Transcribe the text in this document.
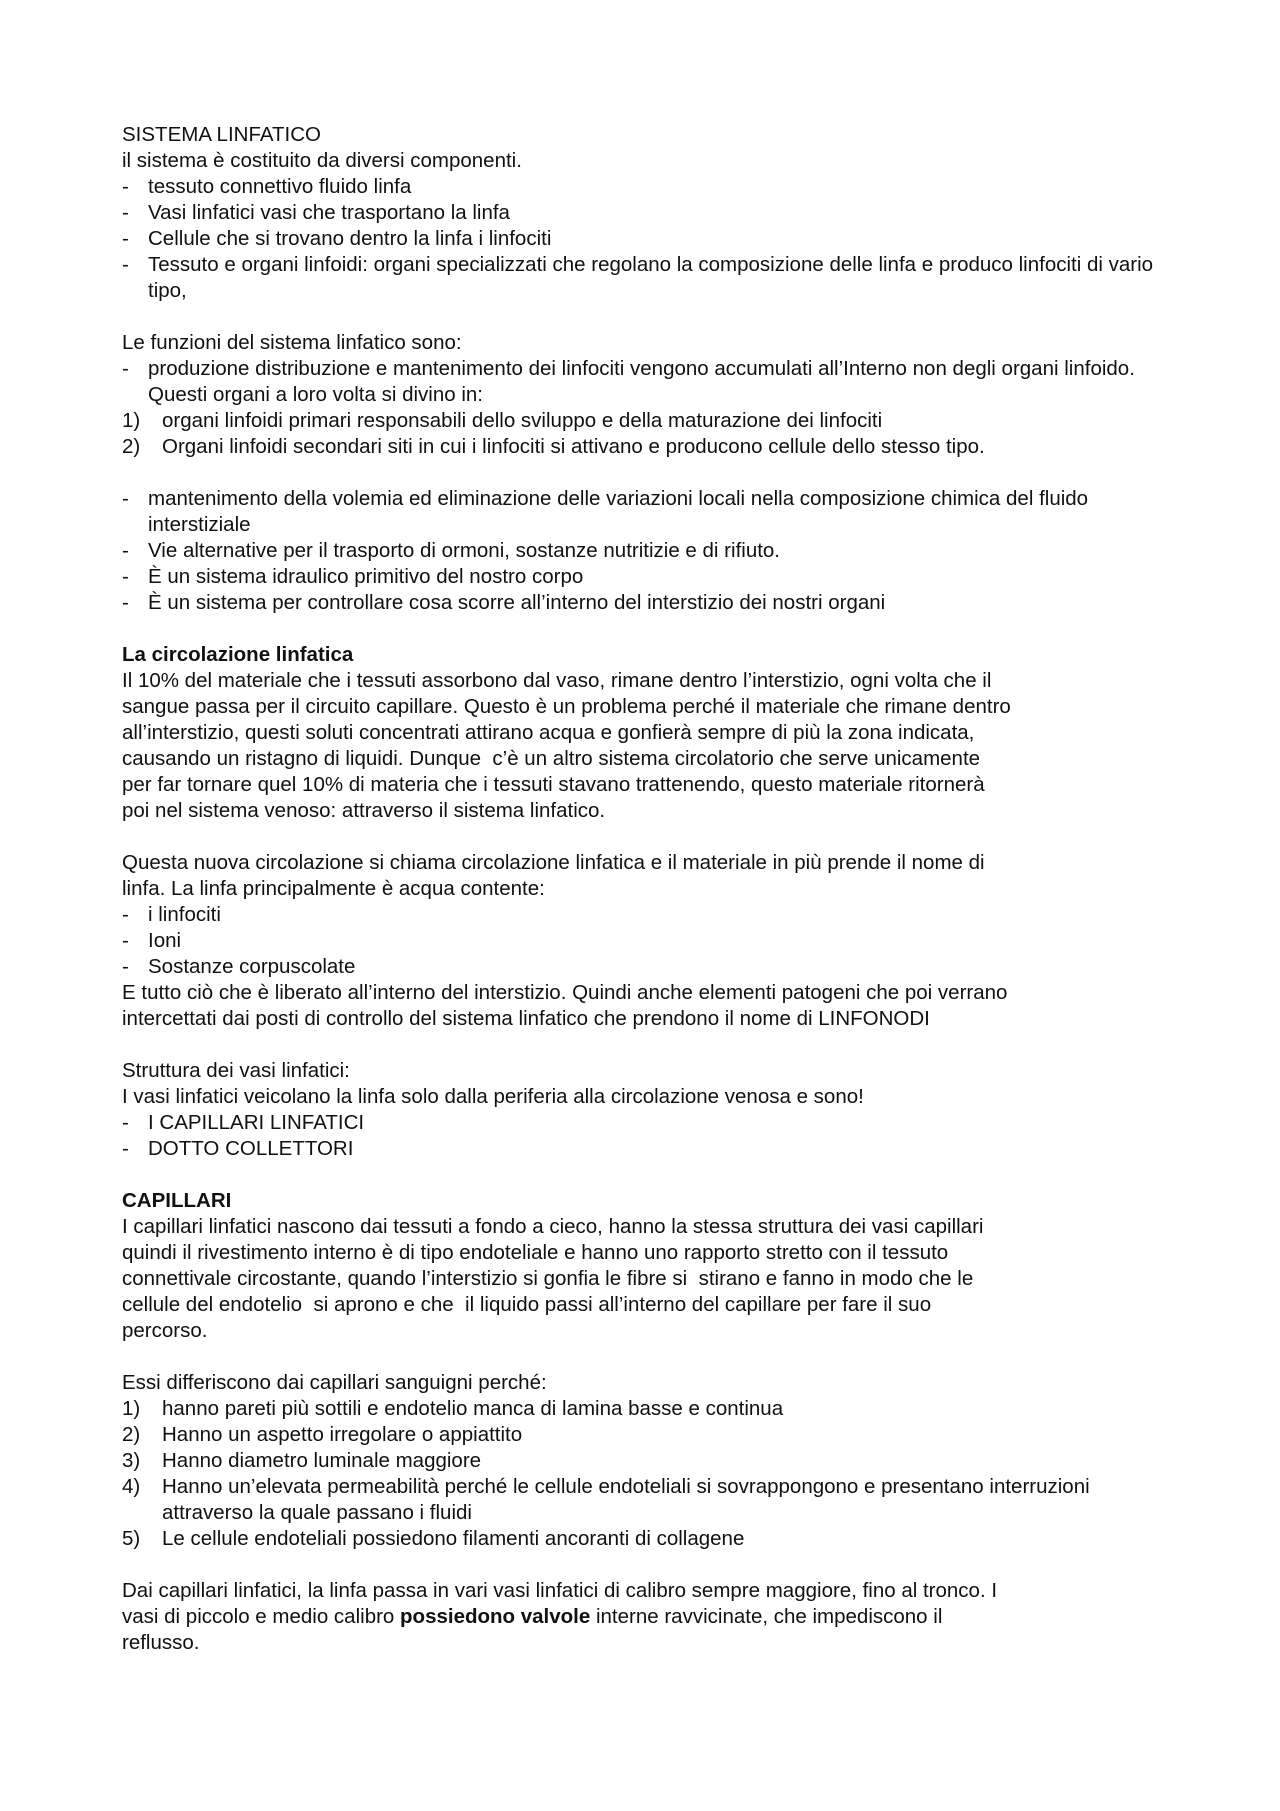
SISTEMA LINFATICO
il sistema è costituito da diversi componenti.
- tessuto connettivo fluido linfa
- Vasi linfatici vasi che trasportano la linfa
- Cellule che si trovano dentro la linfa i linfociti
- Tessuto e organi linfoidi: organi specializzati che regolano la composizione delle linfa e produco linfociti di vario tipo,
Le funzioni del sistema linfatico sono:
- produzione distribuzione e mantenimento dei linfociti vengono accumulati all’Interno non degli organi linfoido. Questi organi a loro volta si divino in:
1)	organi linfoidi primari responsabili dello sviluppo e della maturazione dei linfociti
2)	Organi linfoidi secondari siti in cui i linfociti si attivano e producono cellule dello stesso tipo.
- mantenimento della volemia ed eliminazione delle variazioni locali nella composizione chimica del fluido interstiziale
- Vie alternative per il trasporto di ormoni, sostanze nutritizie e di rifiuto.
- È un sistema idraulico primitivo del nostro corpo
- È un sistema per controllare cosa scorre all’interno del interstizio dei nostri organi
La circolazione linfatica
Il 10% del materiale che i tessuti assorbono dal vaso, rimane dentro l’interstizio, ogni volta che il
sangue passa per il circuito capillare. Questo è un problema perché il materiale che rimane dentro
all’interstizio, questi soluti concentrati attirano acqua e gonfierà sempre di più la zona indicata,
causando un ristagno di liquidi. Dunque  c’è un altro sistema circolatorio che serve unicamente
per far tornare quel 10% di materia che i tessuti stavano trattenendo, questo materiale ritornerà
poi nel sistema venoso: attraverso il sistema linfatico.
Questa nuova circolazione si chiama circolazione linfatica e il materiale in più prende il nome di
linfa. La linfa principalmente è acqua contente:
- i linfociti
- Ioni
- Sostanze corpuscolate
E tutto ciò che è liberato all’interno del interstizio. Quindi anche elementi patogeni che poi verrano
intercettati dai posti di controllo del sistema linfatico che prendono il nome di LINFONODI
Struttura dei vasi linfatici:
I vasi linfatici veicolano la linfa solo dalla periferia alla circolazione venosa e sono!
- I CAPILLARI LINFATICI
- DOTTO COLLETTORI
CAPILLARI
I capillari linfatici nascono dai tessuti a fondo a cieco, hanno la stessa struttura dei vasi capillari
quindi il rivestimento interno è di tipo endoteliale e hanno uno rapporto stretto con il tessuto
connettivale circostante, quando l’interstizio si gonfia le fibre si  stirano e fanno in modo che le
cellule del endotelio  si aprono e che  il liquido passi all’interno del capillare per fare il suo
percorso.
Essi differiscono dai capillari sanguigni perché:
1)	hanno pareti più sottili e endotelio manca di lamina basse e continua
2)	Hanno un aspetto irregolare o appiattito
3)	Hanno diametro luminale maggiore
4)	Hanno un’elevata permeabilità perché le cellule endoteliali si sovrappongono e presentano interruzioni attraverso la quale passano i fluidi
5)	Le cellule endoteliali possiedono filamenti ancoranti di collagene
Dai capillari linfatici, la linfa passa in vari vasi linfatici di calibro sempre maggiore, fino al tronco. I
vasi di piccolo e medio calibro possiedono valvole interne ravvicinate, che impediscono il
reflusso.
